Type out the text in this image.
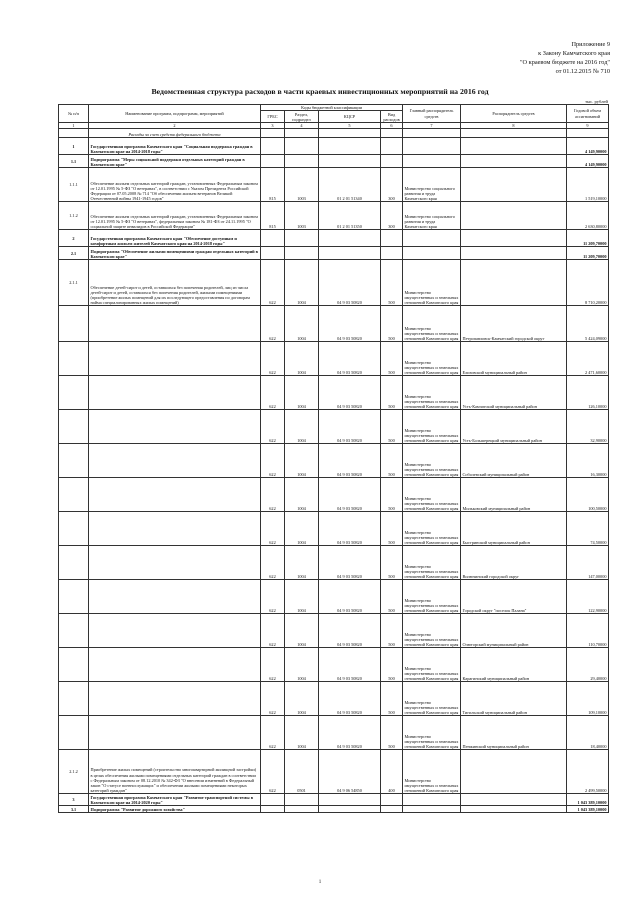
Приложение 9
к Закону Камчатского края
"О краевом бюджете на 2016 год"
от 01.12.2015 № 710
Ведомственная структура расходов в части краевых инвестиционных мероприятий на 2016 год
тыс. рублей
№ п/п	Наименование программ, подпрограмм, мероприятий	Коды бюджетной классификации				Главный распорядитель средств	Распорядитель средств	Годовой объем ассигнований
		ГРБС	Раздел, подраздел	КЦСР	Вид расходов			
1	2	3	4	5	6	7	8	9
	Расходы за счет средств федерального бюджета							
1	Государственная программа Камчатского края "Социальная поддержка граждан в Камчатском крае на 2014-2018 годы"							4 149,90000
1.1	Подпрограмма "Меры социальной поддержки отдельных категорий граждан в Камчатском крае"							4 149,90000
1.1.1	Обеспечение жильем отдельных категорий граждан, установленных Федеральным законом от 12.01.1995 № 5-ФЗ "О ветеранах", в соответствии с Указом Президента Российской Федерации от 07.05.2008 № 714 "Об обеспечении жильем ветеранов Великой Отечественной войны 1941-1945 годов"	815	1003	01 2 01 51340	300	Министерство социального развития и труда Камчатского края		1 519,10000
1.1.2	Обеспечение жильем отдельных категорий граждан, установленных Федеральным законом от 12.01.1995 № 5-ФЗ "О ветеранах", федеральным законом № 181-ФЗ от 24.11.1995 "О социальной защите инвалидов в Российской Федерации"	815	1003	01 2 01 51350	300	Министерство социального развития и труда Камчатского края		2 630,80000
2	Государственная программа Камчатского края "Обеспечение доступным и комфортным жильем жителей Камчатского края на 2014-2018 годы"							11 209,70000
2.1	Подпрограмма "Обеспечение жилыми помещениями граждан отдельных категорий в Камчатском крае"							11 209,70000
2.1.1	Обеспечение детей-сирот и детей, оставшихся без попечения родителей, лиц из числа детей-сирот и детей, оставшихся без попечения родителей, жилыми помещениями (приобретение жилых помещений для их последующего предоставления по договорам найма специализированных жилых помещений)	622	1004	04 9 03 50820	500	Министерство имущественных и земельных отношений Камчатского края		8 710,20000
		622	1004	04 9 03 50820	500	Министерство имущественных и земельных отношений Камчатского края	Петропавловск-Камчатский городской округ	5 424,09000
		622	1004	04 9 03 50820	500	Министерство имущественных и земельных отношений Камчатского края	Елизовский муниципальный район	2 471,60000
		622	1004	04 9 03 50820	500	Министерство имущественных и земельных отношений Камчатского края	Усть-Камчатский муниципальный район	126,10000
		622	1004	04 9 03 50820	500	Министерство имущественных и земельных отношений Камчатского края	Усть-Большерецкий муниципальный район	32,90000
		622	1004	04 9 03 50820	500	Министерство имущественных и земельных отношений Камчатского края	Соболевский муниципальный район	16,30000
		622	1004	04 9 03 50820	500	Министерство имущественных и земельных отношений Камчатского края	Мильковский муниципальный район	100,50000
		622	1004	04 9 03 50820	500	Министерство имущественных и земельных отношений Камчатского края	Быстринский муниципальный район	74,50000
		622	1004	04 9 03 50820	500	Министерство имущественных и земельных отношений Камчатского края	Вилючинский городской округ	147,00000
		622	1004	04 9 03 50820	500	Министерство имущественных и земельных отношений Камчатского края	Городской округ "поселок Палана"	122,90000
		622	1004	04 9 03 50820	500	Министерство имущественных и земельных отношений Камчатского края	Олюторский муниципальный район	110,70000
		622	1004	04 9 03 50820	500	Министерство имущественных и земельных отношений Камчатского края	Карагинский муниципальный район	29,40000
		622	1004	04 9 03 50820	500	Министерство имущественных и земельных отношений Камчатского края	Тигильский муниципальный район	109,10000
		622	1004	04 9 03 50820	500	Министерство имущественных и земельных отношений Камчатского края	Пенжинский муниципальный район	18,40000
2.1.2	Приобретение жилых помещений (строительство многоквартирной жилищной застройки) в целях обеспечения жилыми помещениями отдельных категорий граждан в соответствии с Федеральным законом от 08.12.2010 № 342-ФЗ "О внесении изменений в Федеральный закон "О статусе военнослужащих" и обеспечении жилыми помещениями некоторых категорий граждан"	622	0501	04 9 06 54850	400	Министерство имущественных и земельных отношений Камчатского края		2 499,50000
3	Государственная программа Камчатского края "Развитие транспортной системы в Камчатском крае на 2014-2020 годы"							1 043 389,10000
3.1	Подпрограмма "Развитие дорожного хозяйства"							1 043 389,10000
1
